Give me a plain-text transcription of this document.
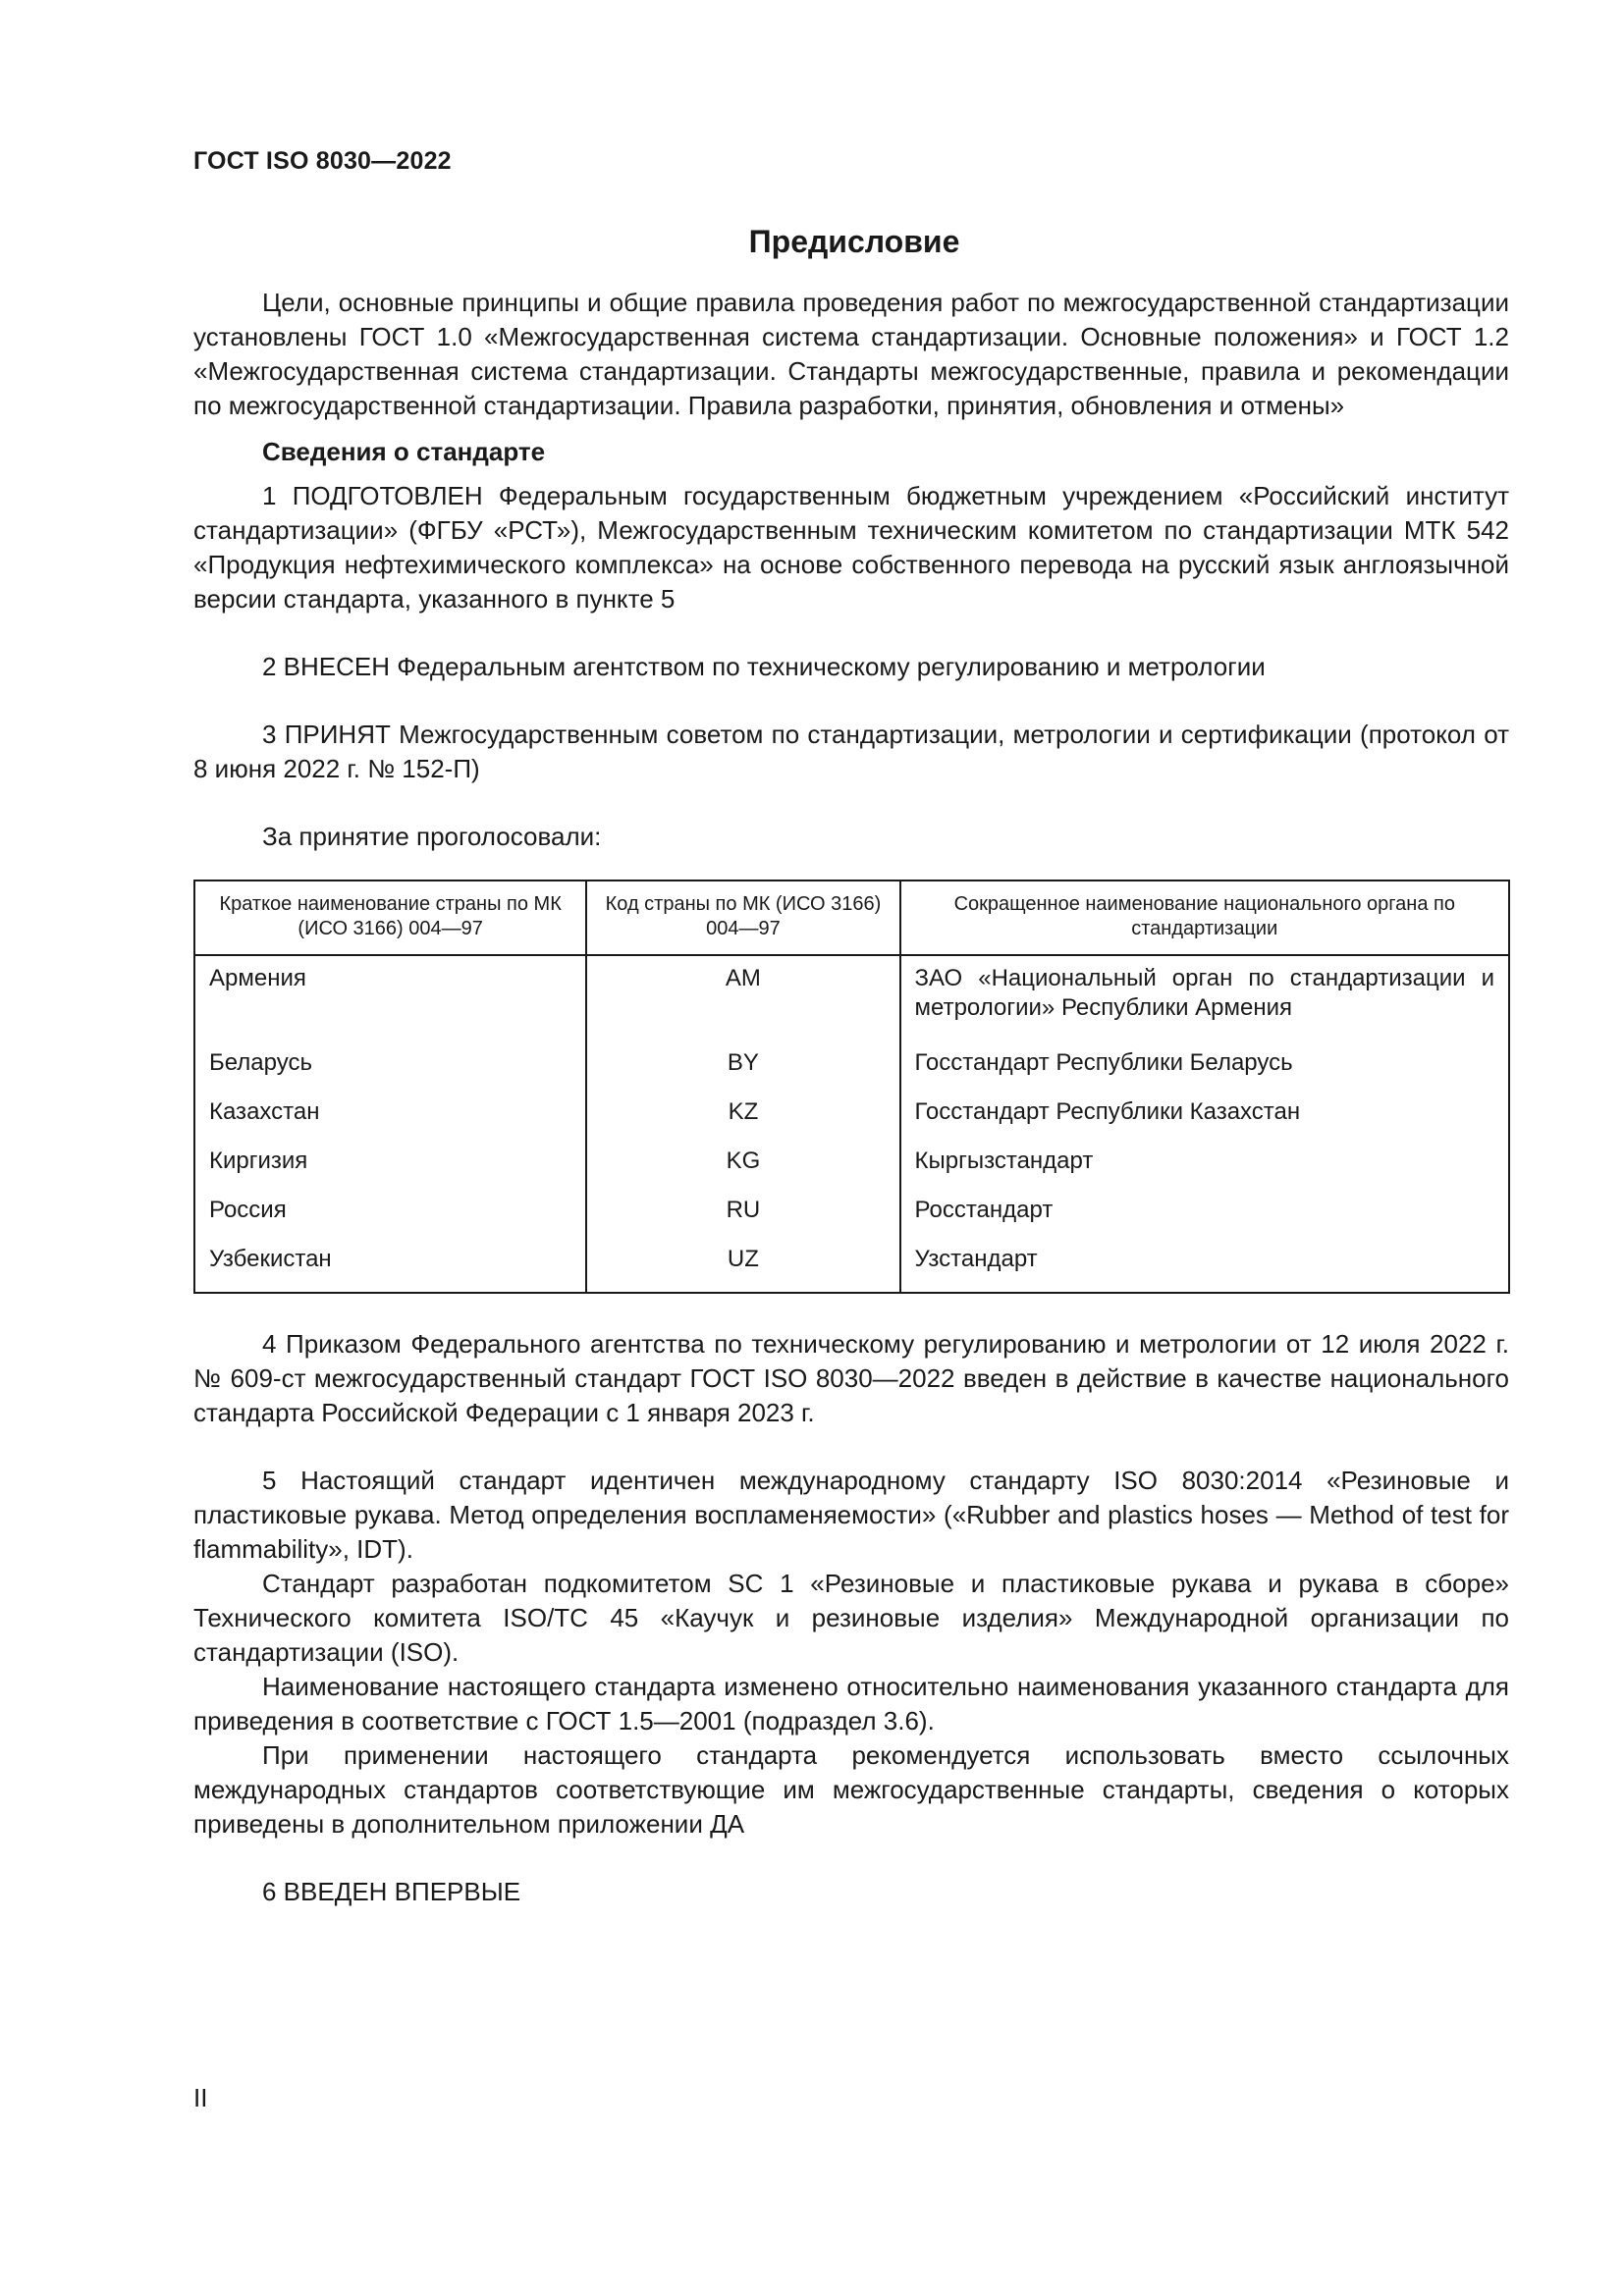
ГОСТ ISO 8030—2022
Предисловие

Цели, основные принципы и общие правила проведения работ по межгосударственной стандартизации установлены ГОСТ 1.0 «Межгосударственная система стандартизации. Основные положения» и ГОСТ 1.2 «Межгосударственная система стандартизации. Стандарты межгосударственные, правила и рекомендации по межгосударственной стандартизации. Правила разработки, принятия, обновления и отмены»

Сведения о стандарте

1 ПОДГОТОВЛЕН Федеральным государственным бюджетным учреждением «Российский институт стандартизации» (ФГБУ «РСТ»), Межгосударственным техническим комитетом по стандартизации МТК 542 «Продукция нефтехимического комплекса» на основе собственного перевода на русский язык англоязычной версии стандарта, указанного в пункте 5

2 ВНЕСЕН Федеральным агентством по техническому регулированию и метрологии

3 ПРИНЯТ Межгосударственным советом по стандартизации, метрологии и сертификации (протокол от 8 июня 2022 г. № 152-П)

За принятие проголосовали:

Краткое наименование страны по МК (ИСО 3166) 004—97	Код страны по МК (ИСО 3166) 004—97	Сокращенное наименование национального органа по стандартизации
Армения	AM	ЗАО «Национальный орган по стандартизации и метрологии» Республики Армения
Беларусь	BY	Госстандарт Республики Беларусь
Казахстан	KZ	Госстандарт Республики Казахстан
Киргизия	KG	Кыргызстандарт
Россия	RU	Росстандарт
Узбекистан	UZ	Узстандарт

4 Приказом Федерального агентства по техническому регулированию и метрологии от 12 июля 2022 г. № 609-ст межгосударственный стандарт ГОСТ ISO 8030—2022 введен в действие в качестве национального стандарта Российской Федерации с 1 января 2023 г.

5 Настоящий стандарт идентичен международному стандарту ISO 8030:2014 «Резиновые и пластиковые рукава. Метод определения воспламеняемости» («Rubber and plastics hoses — Method of test for flammability», IDT).

Стандарт разработан подкомитетом SC 1 «Резиновые и пластиковые рукава и рукава в сборе» Технического комитета ISO/TC 45 «Каучук и резиновые изделия» Международной организации по стандартизации (ISO).

Наименование настоящего стандарта изменено относительно наименования указанного стандарта для приведения в соответствие с ГОСТ 1.5—2001 (подраздел 3.6).

При применении настоящего стандарта рекомендуется использовать вместо ссылочных международных стандартов соответствующие им межгосударственные стандарты, сведения о которых приведены в дополнительном приложении ДА

6 ВВЕДЕН ВПЕРВЫЕ

II
